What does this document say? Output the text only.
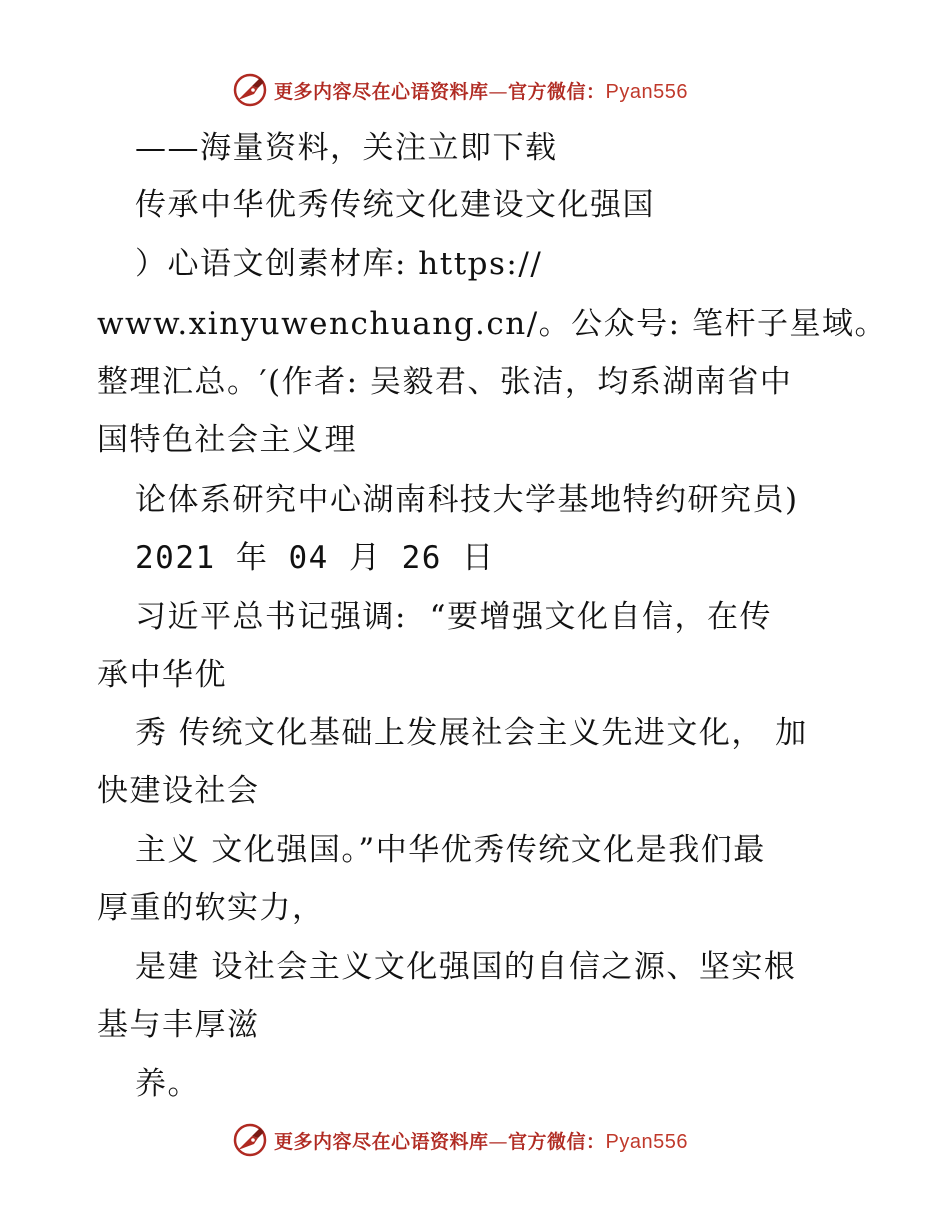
更多内容尽在心语资料库—官方微信：Pyan556
——海量资料，关注立即下载
传承中华优秀传统文化建设文化强国
）心语文创素材库: https://
www.xinyuwenchuang.cn/。公众号: 笔杆子星域。
整理汇总。′(作者: 吴毅君、张洁，均系湖南省中
国特色社会主义理
论体系研究中心湖南科技大学基地特约研究员)
2021 年 04 月 26 日
习近平总书记强调:  “要增强文化自信，在传
承中华优
秀 传统文化基础上发展社会主义先进文化， 加
快建设社会
主义 文化强国。”中华优秀传统文化是我们最
厚重的软实力，
是建 设社会主义文化强国的自信之源、坚实根
基与丰厚滋
养。
更多内容尽在心语资料库—官方微信：Pyan556
